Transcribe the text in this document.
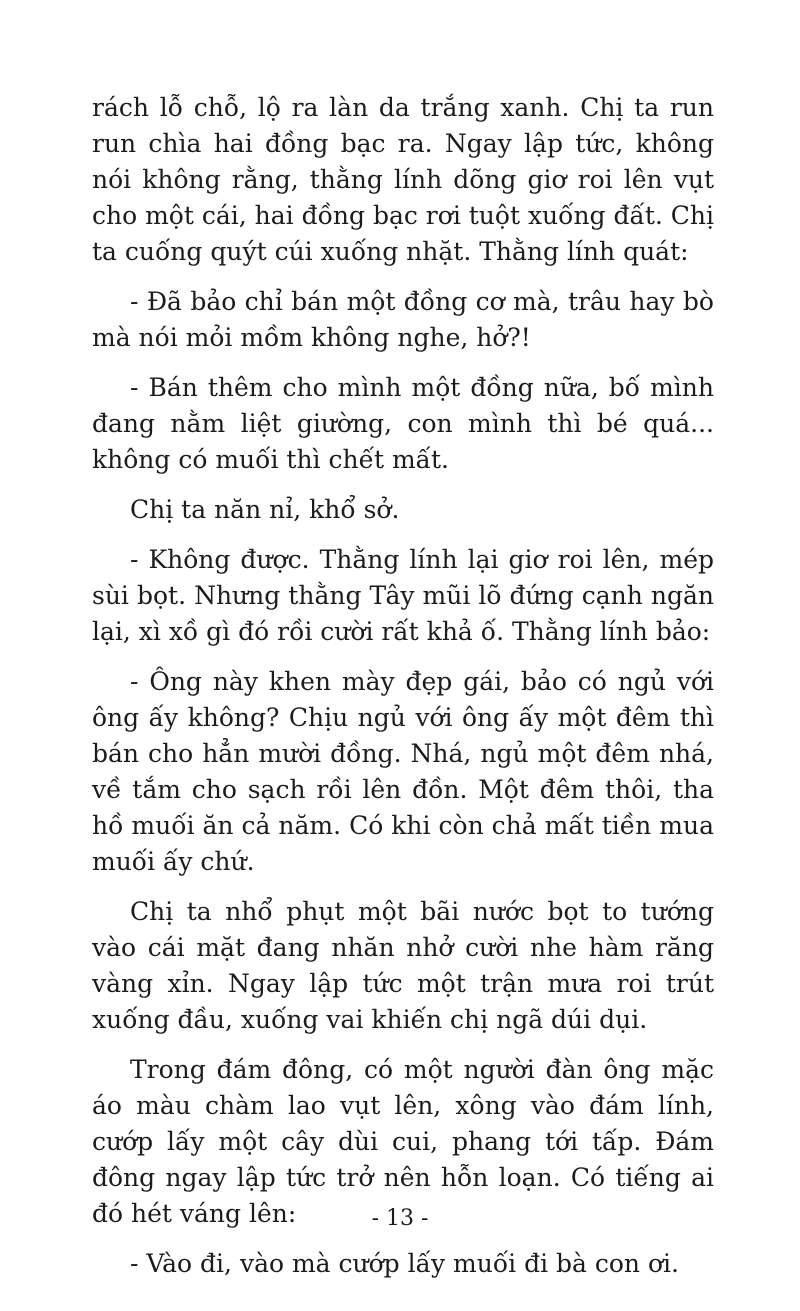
rách lỗ chỗ, lộ ra làn da trắng xanh. Chị ta run run chìa hai đồng bạc ra. Ngay lập tức, không nói không rằng, thằng lính dõng giơ roi lên vụt cho một cái, hai đồng bạc rơi tuột xuống đất. Chị ta cuống quýt cúi xuống nhặt. Thằng lính quát:

- Đã bảo chỉ bán một đồng cơ mà, trâu hay bò mà nói mỏi mồm không nghe, hở?!

- Bán thêm cho mình một đồng nữa, bố mình đang nằm liệt giường, con mình thì bé quá... không có muối thì chết mất.

Chị ta năn nỉ, khổ sở.

- Không được. Thằng lính lại giơ roi lên, mép sùi bọt. Nhưng thằng Tây mũi lõ đứng cạnh ngăn lại, xì xồ gì đó rồi cười rất khả ố. Thằng lính bảo:

- Ông này khen mày đẹp gái, bảo có ngủ với ông ấy không? Chịu ngủ với ông ấy một đêm thì bán cho hẳn mười đồng. Nhá, ngủ một đêm nhá, về tắm cho sạch rồi lên đồn. Một đêm thôi, tha hồ muối ăn cả năm. Có khi còn chả mất tiền mua muối ấy chứ.

Chị ta nhổ phụt một bãi nước bọt to tướng vào cái mặt đang nhăn nhở cười nhe hàm răng vàng xỉn. Ngay lập tức một trận mưa roi trút xuống đầu, xuống vai khiến chị ngã dúi dụi.

Trong đám đông, có một người đàn ông mặc áo màu chàm lao vụt lên, xông vào đám lính, cướp lấy một cây dùi cui, phang tới tấp. Đám đông ngay lập tức trở nên hỗn loạn. Có tiếng ai đó hét váng lên:

- Vào đi, vào mà cướp lấy muối đi bà con ơi.

- 13 -
